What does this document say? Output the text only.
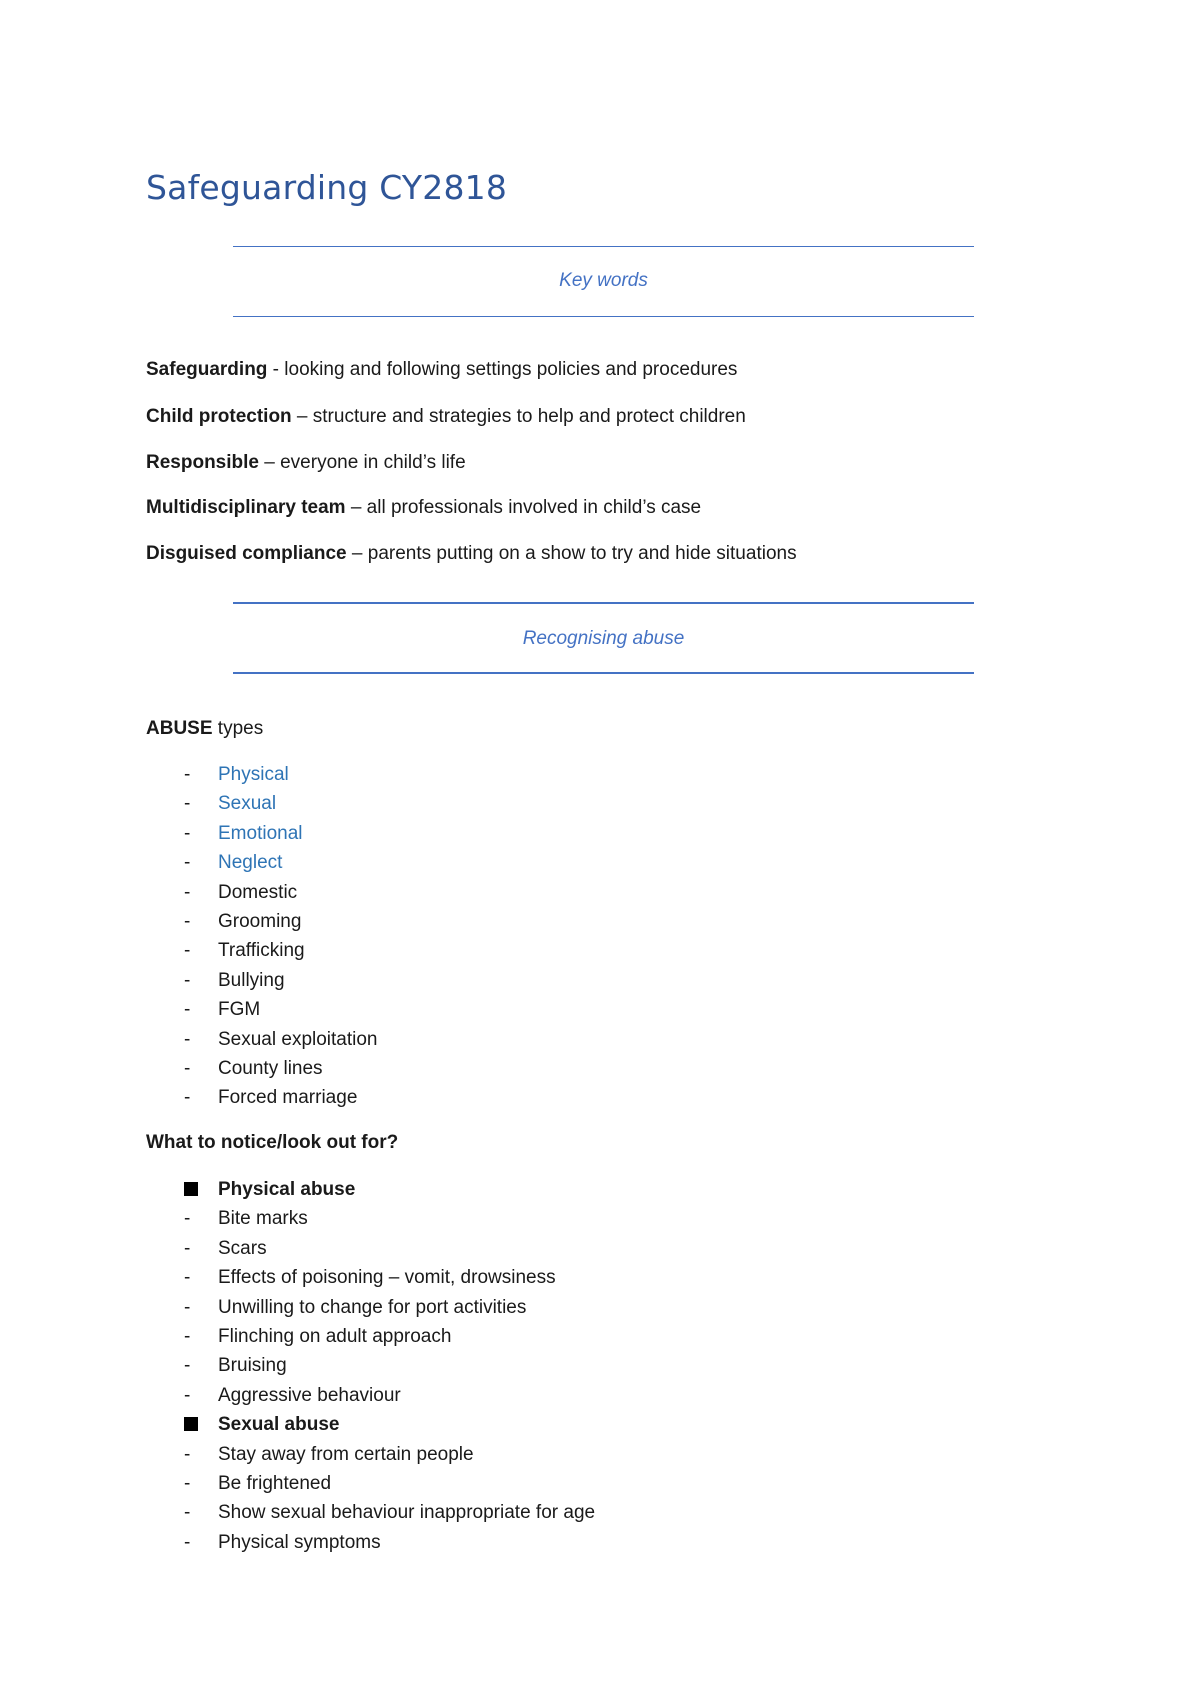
Safeguarding CY2818
Key words
Safeguarding - looking and following settings policies and procedures
Child protection – structure and strategies to help and protect children
Responsible – everyone in child’s life
Multidisciplinary team – all professionals involved in child’s case
Disguised compliance – parents putting on a show to try and hide situations
Recognising abuse
ABUSE types
- Physical
- Sexual
- Emotional
- Neglect
- Domestic
- Grooming
- Trafficking
- Bullying
- FGM
- Sexual exploitation
- County lines
- Forced marriage
What to notice/look out for?
Physical abuse
- Bite marks
- Scars
- Effects of poisoning – vomit, drowsiness
- Unwilling to change for port activities
- Flinching on adult approach
- Bruising
- Aggressive behaviour
Sexual abuse
- Stay away from certain people
- Be frightened
- Show sexual behaviour inappropriate for age
- Physical symptoms
